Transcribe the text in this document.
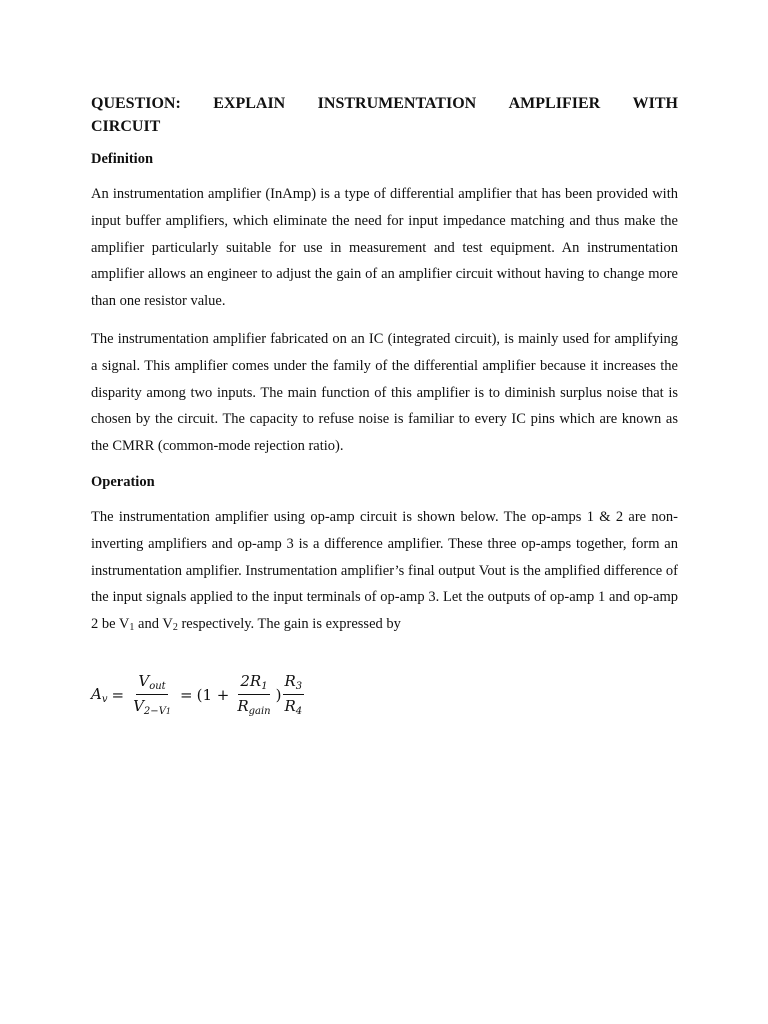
QUESTION: EXPLAIN INSTRUMENTATION AMPLIFIER WITH
CIRCUIT
Definition

An instrumentation amplifier (InAmp) is a type of differential amplifier that has been provided with input buffer amplifiers, which eliminate the need for input impedance matching and thus make the amplifier particularly suitable for use in measurement and test equipment. An instrumentation amplifier allows an engineer to adjust the gain of an amplifier circuit without having to change more than one resistor value.

The instrumentation amplifier fabricated on an IC (integrated circuit), is mainly used for amplifying a signal. This amplifier comes under the family of the differential amplifier because it increases the disparity among two inputs. The main function of this amplifier is to diminish surplus noise that is chosen by the circuit. The capacity to refuse noise is familiar to every IC pins which are known as the CMRR (common-mode rejection ratio).

Operation

The instrumentation amplifier using op-amp circuit is shown below. The op-amps 1 & 2 are non-inverting amplifiers and op-amp 3 is a difference amplifier. These three op-amps together, form an instrumentation amplifier. Instrumentation amplifier’s final output Vout is the amplified difference of the input signals applied to the input terminals of op-amp 3. Let the outputs of op-amp 1 and op-amp 2 be $V_1$ and $V_2$ respectively. The gain is expressed by

$A_v = \frac{V_{out}}{V_{2-V1}} = (1 + \frac{2R_1}{R_{gain}}$ ) $\frac{R_3}{R_4}$
